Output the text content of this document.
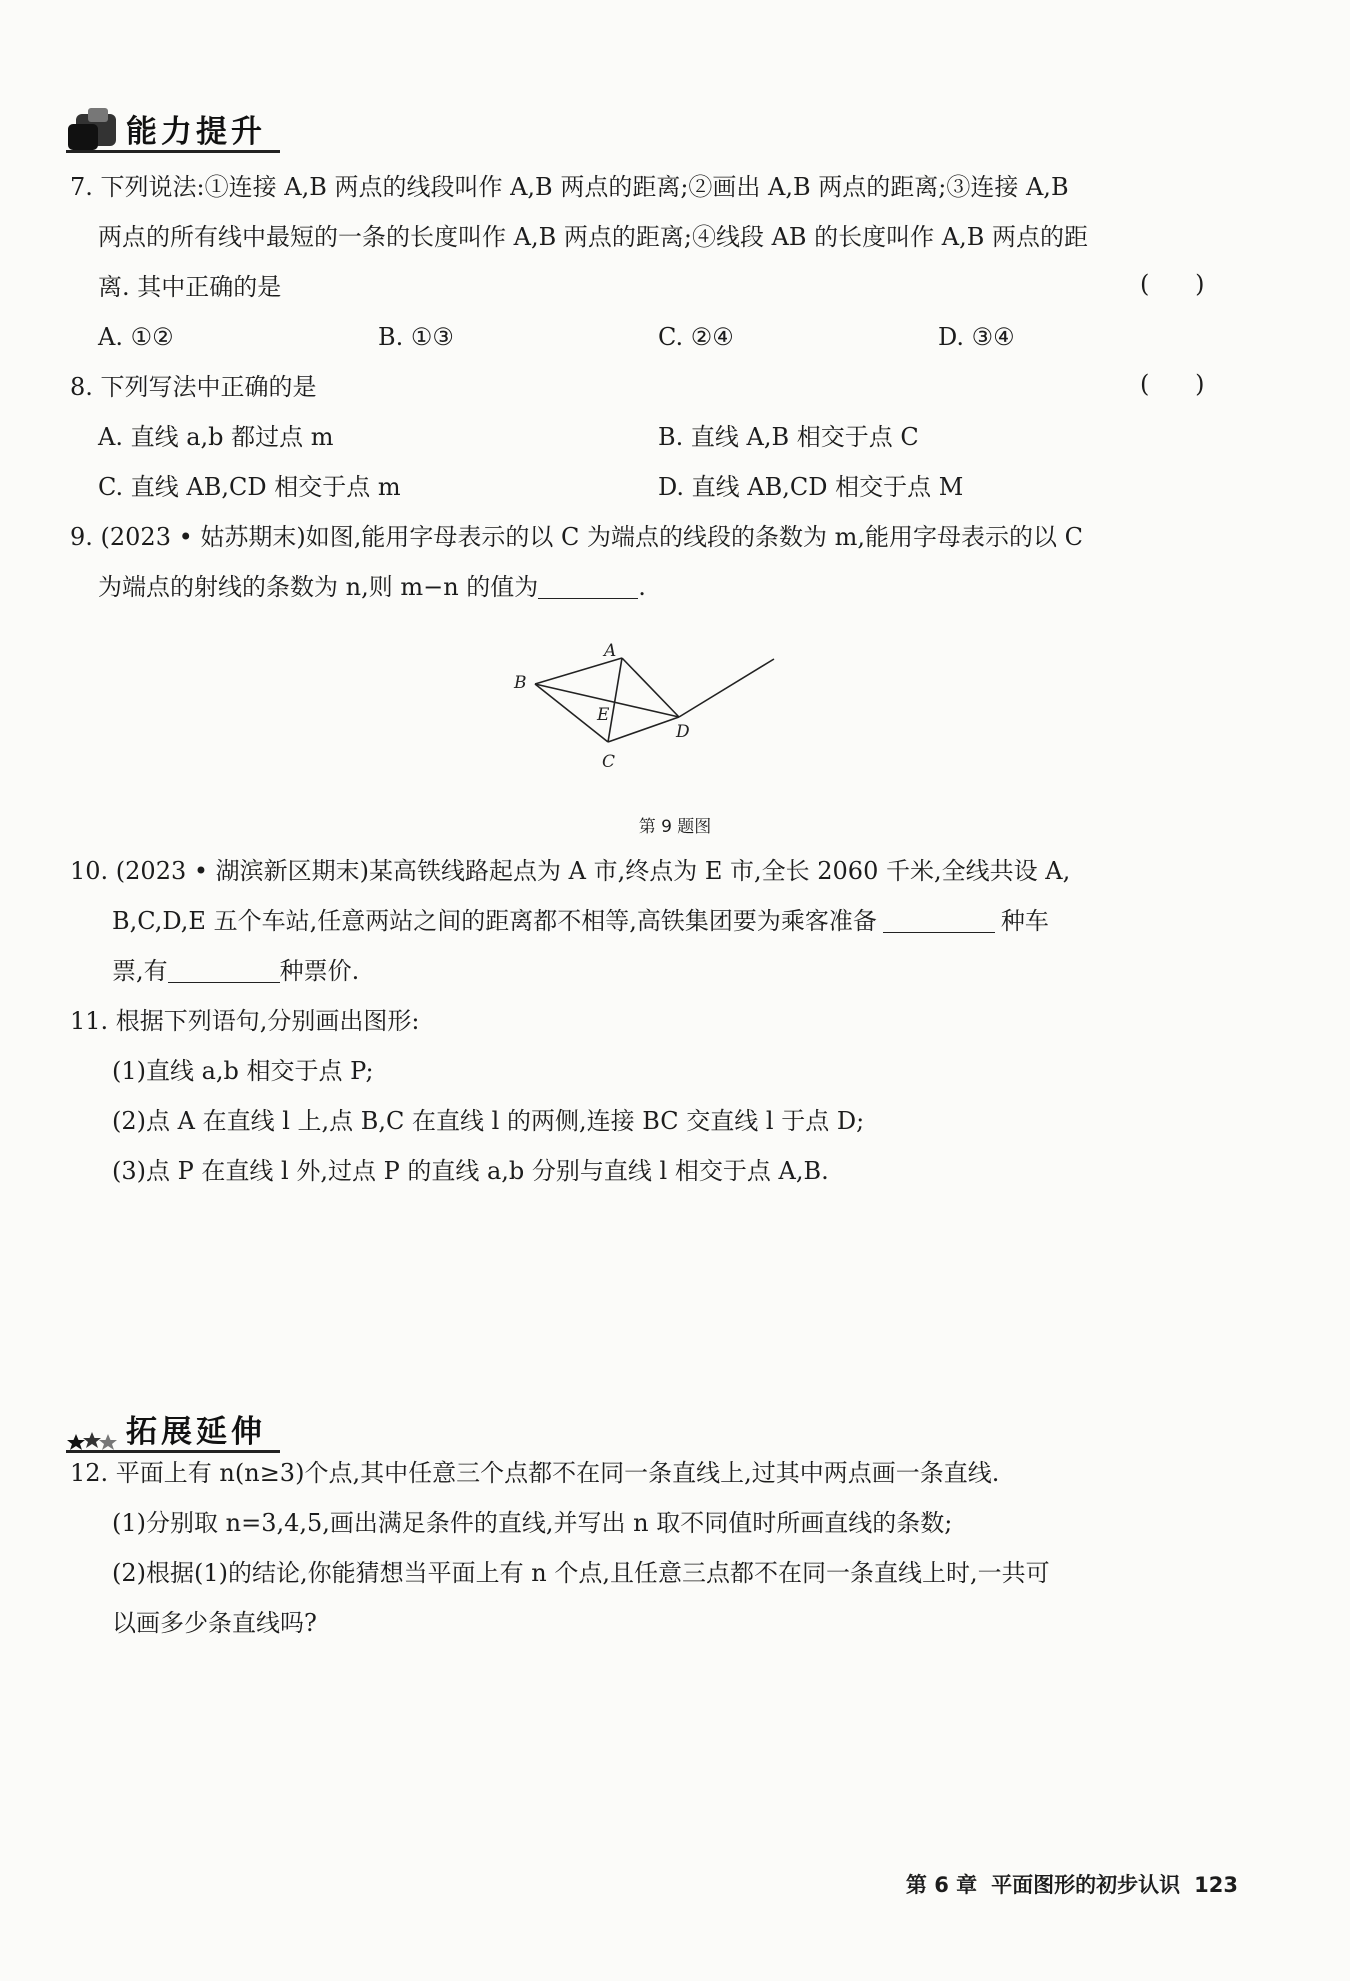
能力提升
7. 下列说法:①连接 A,B 两点的线段叫作 A,B 两点的距离;②画出 A,B 两点的距离;③连接 A,B
两点的所有线中最短的一条的长度叫作 A,B 两点的距离;④线段 AB 的长度叫作 A,B 两点的距
离. 其中正确的是	(      )
A. ①②	B. ①③	C. ②④	D. ③④
8. 下列写法中正确的是	(      )
A. 直线 a,b 都过点 m	B. 直线 A,B 相交于点 C
C. 直线 AB,CD 相交于点 m	D. 直线 AB,CD 相交于点 M
9. (2023 • 姑苏期末)如图,能用字母表示的以 C 为端点的线段的条数为 m,能用字母表示的以 C
为端点的射线的条数为 n,则 m−n 的值为	.
A
B
C
D
E
第 9 题图
10. (2023 • 湖滨新区期末)某高铁线路起点为 A 市,终点为 E 市,全长 2060 千米,全线共设 A,
B,C,D,E 五个车站,任意两站之间的距离都不相等,高铁集团要为乘客准备	种车
票,有	种票价.
11. 根据下列语句,分别画出图形:
(1)直线 a,b 相交于点 P;
(2)点 A 在直线 l 上,点 B,C 在直线 l 的两侧,连接 BC 交直线 l 于点 D;
(3)点 P 在直线 l 外,过点 P 的直线 a,b 分别与直线 l 相交于点 A,B.
拓展延伸
12. 平面上有 n(n≥3)个点,其中任意三个点都不在同一条直线上,过其中两点画一条直线.
(1)分别取 n=3,4,5,画出满足条件的直线,并写出 n 取不同值时所画直线的条数;
(2)根据(1)的结论,你能猜想当平面上有 n 个点,且任意三点都不在同一条直线上时,一共可
以画多少条直线吗?
第 6 章 平面图形的初步认识 123
